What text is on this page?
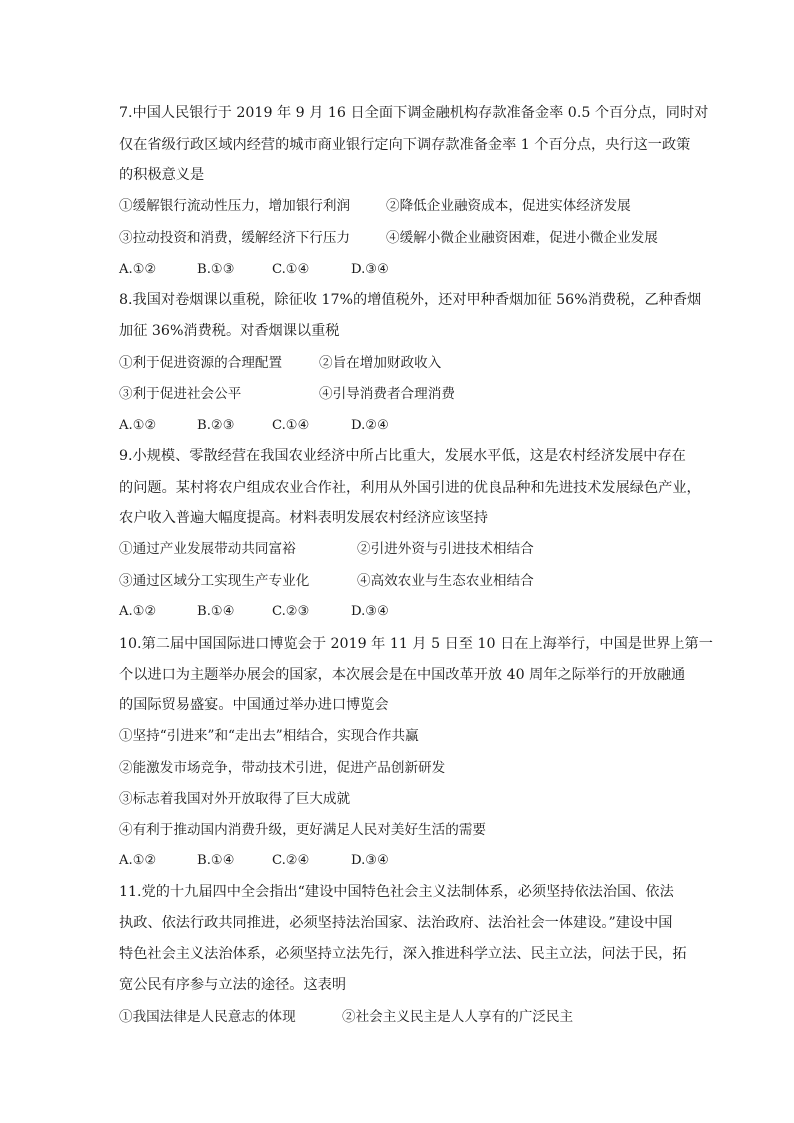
7.中国人民银行于 2019 年 9 月 16 日全面下调金融机构存款准备金率 0.5 个百分点，同时对
仅在省级行政区域内经营的城市商业银行定向下调存款准备金率 1 个百分点，央行这一政策
的积极意义是
①缓解银行流动性压力，增加银行利润	②降低企业融资成本，促进实体经济发展
③拉动投资和消费，缓解经济下行压力	④缓解小微企业融资困难，促进小微企业发展
A.①②	B.①③	C.①④	D.③④
8.我国对卷烟课以重税，除征收 17%的增值税外，还对甲种香烟加征 56%消费税，乙种香烟
加征 36%消费税。对香烟课以重税
①利于促进资源的合理配置	②旨在增加财政收入
③利于促进社会公平	④引导消费者合理消费
A.①②	B.②③	C.①④	D.②④
9.小规模、零散经营在我国农业经济中所占比重大，发展水平低，这是农村经济发展中存在
的问题。某村将农户组成农业合作社，利用从外国引进的优良品种和先进技术发展绿色产业，
农户收入普遍大幅度提高。材料表明发展农村经济应该坚持
①通过产业发展带动共同富裕	②引进外资与引进技术相结合
③通过区域分工实现生产专业化	④高效农业与生态农业相结合
A.①②	B.①④	C.②③	D.③④
10.第二届中国国际进口博览会于 2019 年 11 月 5 日至 10 日在上海举行，中国是世界上第一
个以进口为主题举办展会的国家，本次展会是在中国改革开放 40 周年之际举行的开放融通
的国际贸易盛宴。中国通过举办进口博览会
①坚持“引进来”和“走出去”相结合，实现合作共赢
②能激发市场竞争，带动技术引进，促进产品创新研发
③标志着我国对外开放取得了巨大成就
④有利于推动国内消费升级，更好满足人民对美好生活的需要
A.①②	B.①④	C.②④	D.③④
11.党的十九届四中全会指出“建设中国特色社会主义法制体系，必须坚持依法治国、依法
执政、依法行政共同推进，必须坚持法治国家、法治政府、法治社会一体建设。”建设中国
特色社会主义法治体系，必须坚持立法先行，深入推进科学立法、民主立法，问法于民，拓
宽公民有序参与立法的途径。这表明
①我国法律是人民意志的体现	②社会主义民主是人人享有的广泛民主
